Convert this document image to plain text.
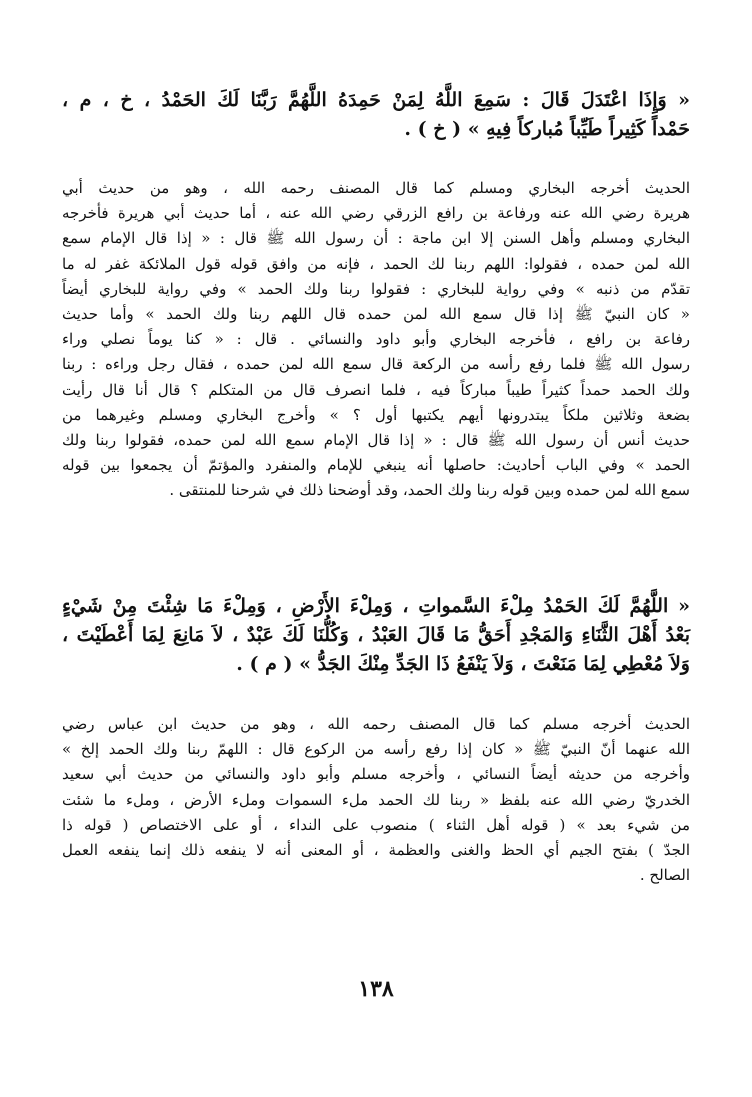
« وَإِذَا اعْتَدَلَ قَالَ : سَمِعَ اللَّهُ لِمَنْ حَمِدَهُ اللَّهُمَّ رَبَّنَا لَكَ الحَمْدُ ، خ ، م ،

حَمْداً كَثِيراً طَيِّباً مُباركاً فِيهِ » ( خ ) .

الحديث أخرجه البخاري ومسلم كما قال المصنف رحمه الله ، وهو من حديث أبي

هريرة رضي الله عنه ورفاعة بن رافع الزرقي رضي الله عنه ، أما حديث أبي هريرة فأخرجه

البخاري ومسلم وأهل السنن إلا ابن ماجة : أن رسول الله ﷺ قال : « إذا قال الإمام سمع

الله لمن حمده ، فقولوا: اللهم ربنا لك الحمد ، فإنه من وافق قوله قول الملائكة غفر له ما

تقدّم من ذنبه » وفي رواية للبخاري : فقولوا ربنا ولك الحمد » وفي رواية للبخاري أيضاً

« كان النبيّ ﷺ إذا قال سمع الله لمن حمده قال اللهم ربنا ولك الحمد » وأما حديث

رفاعة بن رافع ، فأخرجه البخاري وأبو داود والنسائي . قال : « كنا يوماً نصلي وراء

رسول الله ﷺ فلما رفع رأسه من الركعة قال سمع الله لمن حمده ، فقال رجل وراءه : ربنا

ولك الحمد حمداً كثيراً طيباً مباركاً فيه ، فلما انصرف قال من المتكلم ؟ قال أنا قال رأيت

بضعة وثلاثين ملكاً يبتدرونها أيهم يكتبها أول ؟ » وأخرج البخاري ومسلم وغيرهما من

حديث أنس أن رسول الله ﷺ قال : « إذا قال الإمام سمع الله لمن حمده، فقولوا ربنا ولك

الحمد » وفي الباب أحاديث: حاصلها أنه ينبغي للإمام والمنفرد والمؤتمّ أن يجمعوا بين قوله

سمع الله لمن حمده وبين قوله ربنا ولك الحمد، وقد أوضحنا ذلك في شرحنا للمنتقى .

« اللَّهُمَّ لَكَ الحَمْدُ مِلْءَ السَّمواتِ ، وَمِلْءَ الأَرْضِ ، وَمِلْءَ مَا شِئْتَ مِنْ شَيْءٍ

بَعْدُ أَهْلَ الثَّنَاءِ وَالمَجْدِ أَحَقُّ مَا قَالَ العَبْدُ ، وَكُلُّنَا لَكَ عَبْدٌ ، لاَ مَانِعَ لِمَا أَعْطَيْتَ ،

وَلاَ مُعْطِي لِمَا مَنَعْتَ ، وَلاَ يَنْفَعُ ذَا الجَدِّ مِنْكَ الجَدُّ » ( م ) .

الحديث أخرجه مسلم كما قال المصنف رحمه الله ، وهو من حديث ابن عباس رضي

الله عنهما أنّ النبيّ ﷺ « كان إذا رفع رأسه من الركوع قال : اللهمّ ربنا ولك الحمد إلخ »

وأخرجه من حديثه أيضاً النسائي ، وأخرجه مسلم وأبو داود والنسائي من حديث أبي سعيد

الخدريّ رضي الله عنه بلفظ « ربنا لك الحمد ملء السموات وملء الأرض ، وملء ما شئت

من شيء بعد » ( قوله أهل الثناء ) منصوب على النداء ، أو على الاختصاص ( قوله ذا

الجدّ ) بفتح الجيم أي الحظ والغنى والعظمة ، أو المعنى أنه لا ينفعه ذلك إنما ينفعه العمل

الصالح .

١٣٨
